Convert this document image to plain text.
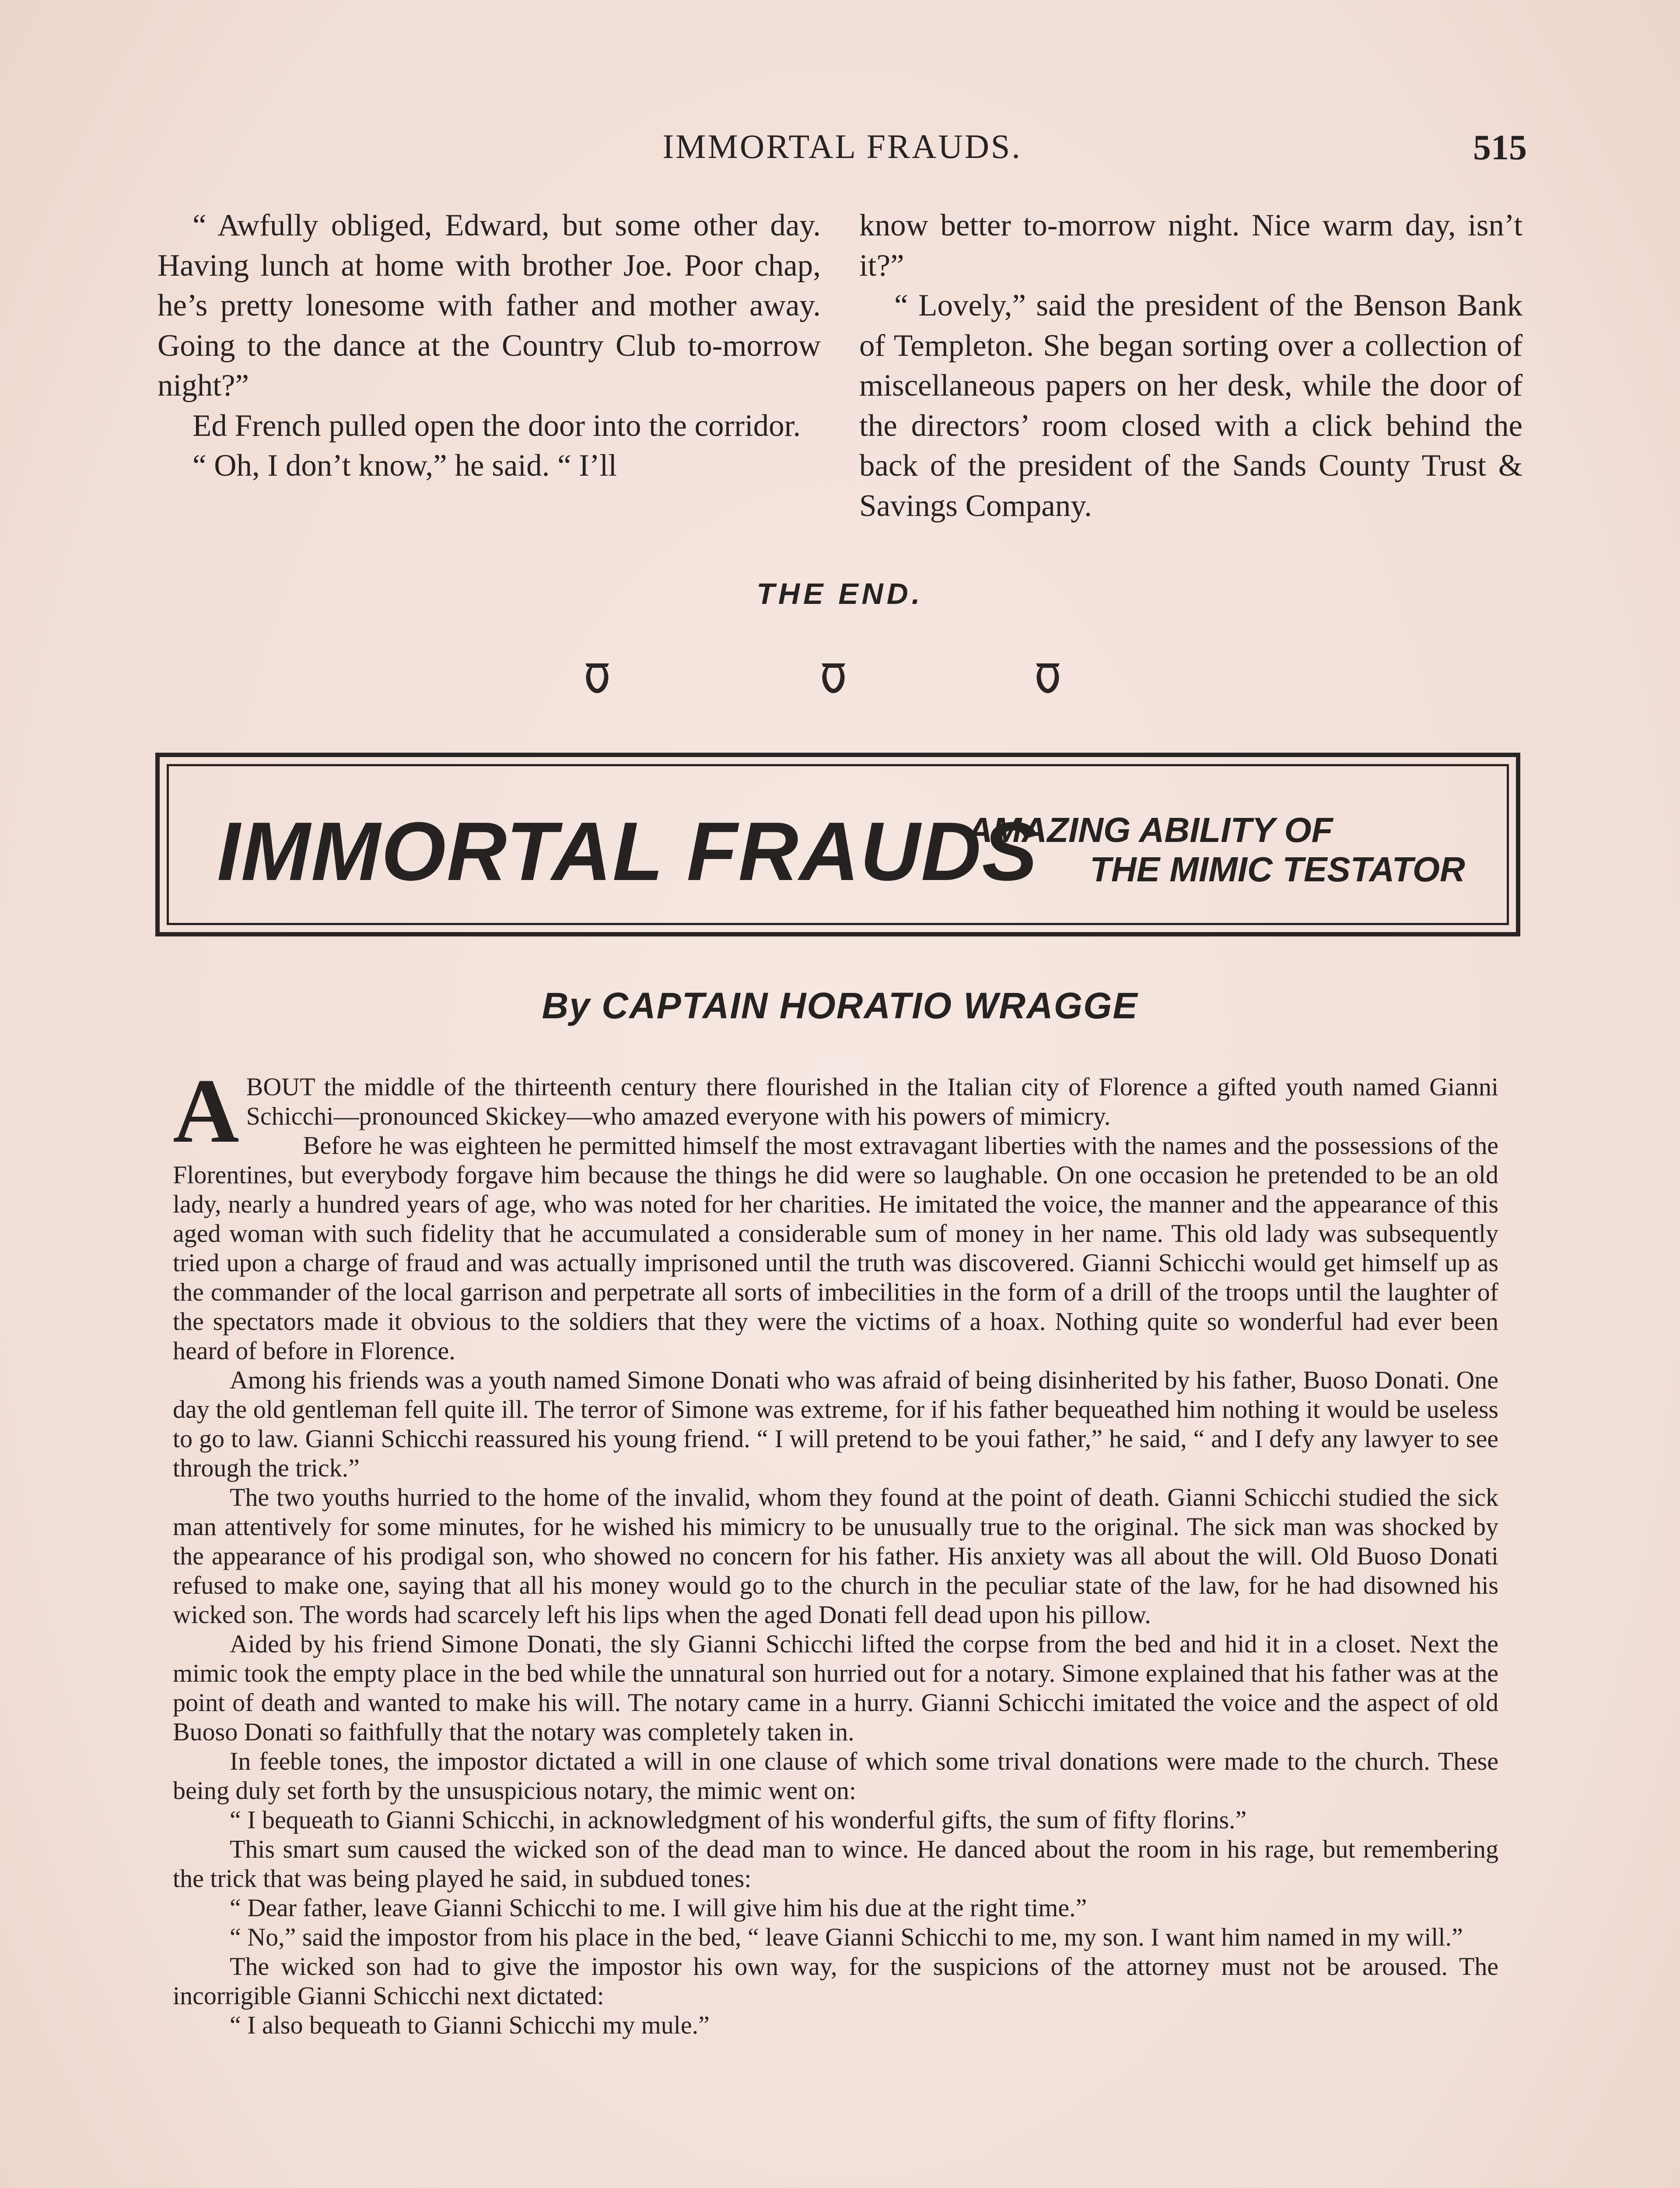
IMMORTAL FRAUDS.	515

“ Awfully obliged, Edward, but some other day. Having lunch at home with brother Joe. Poor chap, he’s pretty lonesome with father and mother away. Going to the dance at the Country Club to-morrow night?”

Ed French pulled open the door into the corridor.

“ Oh, I don’t know,” he said. “ I’ll

know better to-morrow night. Nice warm day, isn’t it?”

“ Lovely,” said the president of the Benson Bank of Templeton. She began sorting over a collection of miscellaneous papers on her desk, while the door of the directors’ room closed with a click behind the back of the president of the Sands County Trust & Savings Company.

THE END.
IMMORTAL FRAUDS
AMAZING ABILITY OF
THE MIMIC TESTATOR
By CAPTAIN HORATIO WRAGGE

ABOUT the middle of the thirteenth century there flourished in the Italian city of Florence a gifted youth named Gianni Schicchi—pronounced Skickey—who amazed everyone with his powers of mimicry.

Before he was eighteen he permitted himself the most extravagant liberties with the names and the possessions of the Florentines, but everybody forgave him because the things he did were so laughable. On one occasion he pretended to be an old lady, nearly a hundred years of age, who was noted for her charities. He imitated the voice, the manner and the appearance of this aged woman with such fidelity that he accumulated a considerable sum of money in her name. This old lady was subsequently tried upon a charge of fraud and was actually imprisoned until the truth was discovered. Gianni Schicchi would get himself up as the commander of the local garrison and perpetrate all sorts of imbecilities in the form of a drill of the troops until the laughter of the spectators made it obvious to the soldiers that they were the victims of a hoax. Nothing quite so wonderful had ever been heard of before in Florence.

Among his friends was a youth named Simone Donati who was afraid of being disinherited by his father, Buoso Donati. One day the old gentleman fell quite ill. The terror of Simone was extreme, for if his father bequeathed him nothing it would be useless to go to law. Gianni Schicchi reassured his young friend. “ I will pretend to be youi father,” he said, “ and I defy any lawyer to see through the trick.”

The two youths hurried to the home of the invalid, whom they found at the point of death. Gianni Schicchi studied the sick man attentively for some minutes, for he wished his mimicry to be unusually true to the original. The sick man was shocked by the appearance of his prodigal son, who showed no concern for his father. His anxiety was all about the will. Old Buoso Donati refused to make one, saying that all his money would go to the church in the peculiar state of the law, for he had disowned his wicked son. The words had scarcely left his lips when the aged Donati fell dead upon his pillow.

Aided by his friend Simone Donati, the sly Gianni Schicchi lifted the corpse from the bed and hid it in a closet. Next the mimic took the empty place in the bed while the unnatural son hurried out for a notary. Simone explained that his father was at the point of death and wanted to make his will. The notary came in a hurry. Gianni Schicchi imitated the voice and the aspect of old Buoso Donati so faithfully that the notary was completely taken in.

In feeble tones, the impostor dictated a will in one clause of which some trival donations were made to the church. These being duly set forth by the unsuspicious notary, the mimic went on:

“ I bequeath to Gianni Schicchi, in acknowledgment of his wonderful gifts, the sum of fifty florins.”

This smart sum caused the wicked son of the dead man to wince. He danced about the room in his rage, but remembering the trick that was being played he said, in subdued tones:

“ Dear father, leave Gianni Schicchi to me. I will give him his due at the right time.”

“ No,” said the impostor from his place in the bed, “ leave Gianni Schicchi to me, my son. I want him named in my will.”

The wicked son had to give the impostor his own way, for the suspicions of the attorney must not be aroused. The incorrigible Gianni Schicchi next dictated:

“ I also bequeath to Gianni Schicchi my mule.”
